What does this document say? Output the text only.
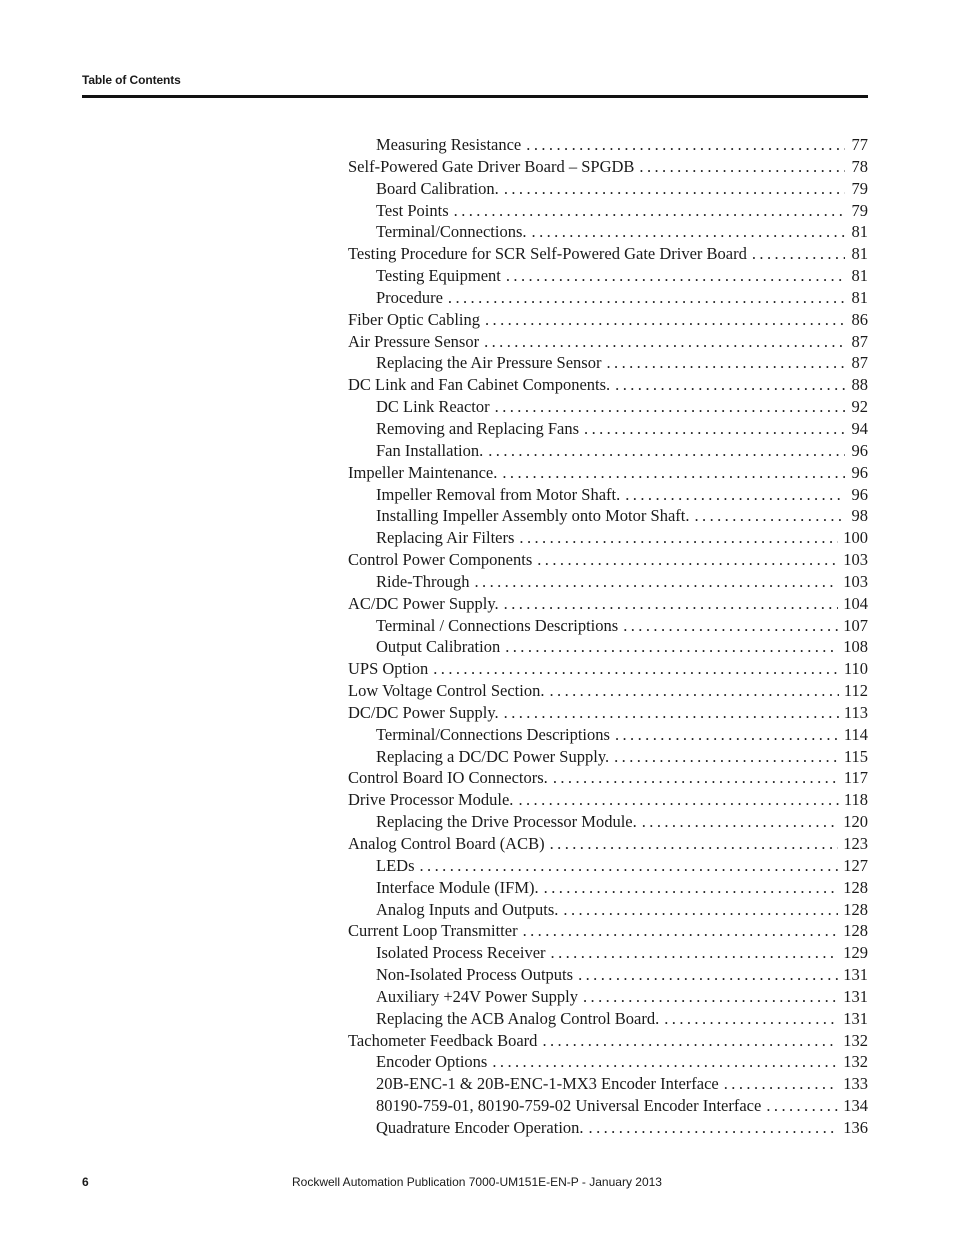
Table of Contents
Measuring Resistance . . .	77
Self-Powered Gate Driver Board – SPGDB . . .	78
Board Calibration. . . .	79
Test Points . . .	79
Terminal/Connections. . . .	81
Testing Procedure for SCR Self-Powered Gate Driver Board . . .	81
Testing Equipment . . .	81
Procedure . . .	81
Fiber Optic Cabling . . .	86
Air Pressure Sensor . . .	87
Replacing the Air Pressure Sensor . . .	87
DC Link and Fan Cabinet Components. . . .	88
DC Link Reactor . . .	92
Removing and Replacing Fans . . .	94
Fan Installation. . . .	96
Impeller Maintenance. . . .	96
Impeller Removal from Motor Shaft. . . .	96
Installing Impeller Assembly onto Motor Shaft. . . .	98
Replacing Air Filters . . .	100
Control Power Components . . .	103
Ride-Through . . .	103
AC/DC Power Supply. . . .	104
Terminal / Connections Descriptions . . .	107
Output Calibration . . .	108
UPS Option . . .	110
Low Voltage Control Section. . . .	112
DC/DC Power Supply. . . .	113
Terminal/Connections Descriptions . . .	114
Replacing a DC/DC Power Supply. . . .	115
Control Board IO Connectors. . . .	117
Drive Processor Module. . . .	118
Replacing the Drive Processor Module. . . .	120
Analog Control Board (ACB) . . .	123
LEDs . . .	127
Interface Module (IFM). . . .	128
Analog Inputs and Outputs. . . .	128
Current Loop Transmitter . . .	128
Isolated Process Receiver . . .	129
Non-Isolated Process Outputs . . .	131
Auxiliary +24V Power Supply . . .	131
Replacing the ACB Analog Control Board. . . .	131
Tachometer Feedback Board . . .	132
Encoder Options . . .	132
20B-ENC-1 & 20B-ENC-1-MX3 Encoder Interface . . .	133
80190-759-01, 80190-759-02 Universal Encoder Interface . . .	134
Quadrature Encoder Operation. . . .	136
6	Rockwell Automation Publication 7000-UM151E-EN-P - January 2013
